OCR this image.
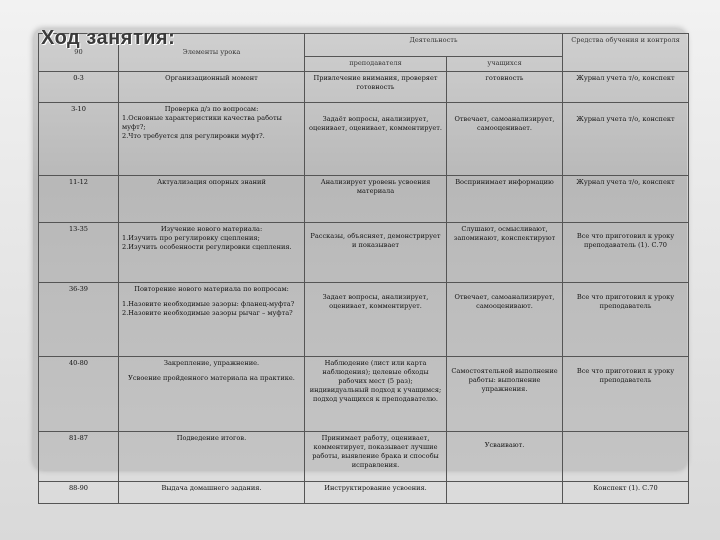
90	Элементы урока	Деятельность		Средства обучения и контроля
		преподавателя	учащихся	
0-3	Организационный момент	Привлечение внимания, проверяет готовность	готовность	Журнал учета т/о, конспект
3-10	Проверка д/з по вопросам:

1.Основные характеристики качества работы муфт?;

2.Что требуется для регулировки муфт?.	Задаёт вопросы, анализирует, оценивает, оценивает, комментирует.	Отвечает, самоанализирует, самооценивает.	Журнал учета т/о, конспект
11-12	Актуализация опорных знаний	Анализирует уровень усвоения материала	Воспринимает информацию	Журнал учета т/о, конспект
13-35	Изучение нового материала:

1.Изучить про регулировку сцепления;

2.Изучить особенности регулировки сцепления.	Рассказы, объясняет, демонстрирует и показывает	Слушают, осмысливают, запоминают, конспектируют	Все что приготовил к уроку преподаватель (1). С.70
36-39	Повторение нового материала по вопросам:

1.Назовите необходимые зазоры: фланец-муфта?

2.Назовите необходимые зазоры рычаг – муфта?	Задает вопросы, анализирует, оценивает, комментирует.	Отвечает, самоанализирует, самооценивают.	Все что приготовил к уроку преподаватель
40-80	Закрепление, упражнение.

Усвоение пройденного материала на практике.	Наблюдение (лист или карта наблюдения); целевые обходы рабочих мест (5 раз); индивидуальный подход к учащимся; подход учащихся к преподавателю.	Самостоятельной выполнение работы: выполнение упражнения.	Все что приготовил к уроку преподаватель
81-87	Подведение итогов.	Принимает работу, оценивает, комментирует, показывает лучшие работы, выявление брака и способы исправления.	Усваивают.	
88-90	Выдача домашнего задания.	Инструктирование усвоения.		Конспект (1). С.70
Ход занятия:
